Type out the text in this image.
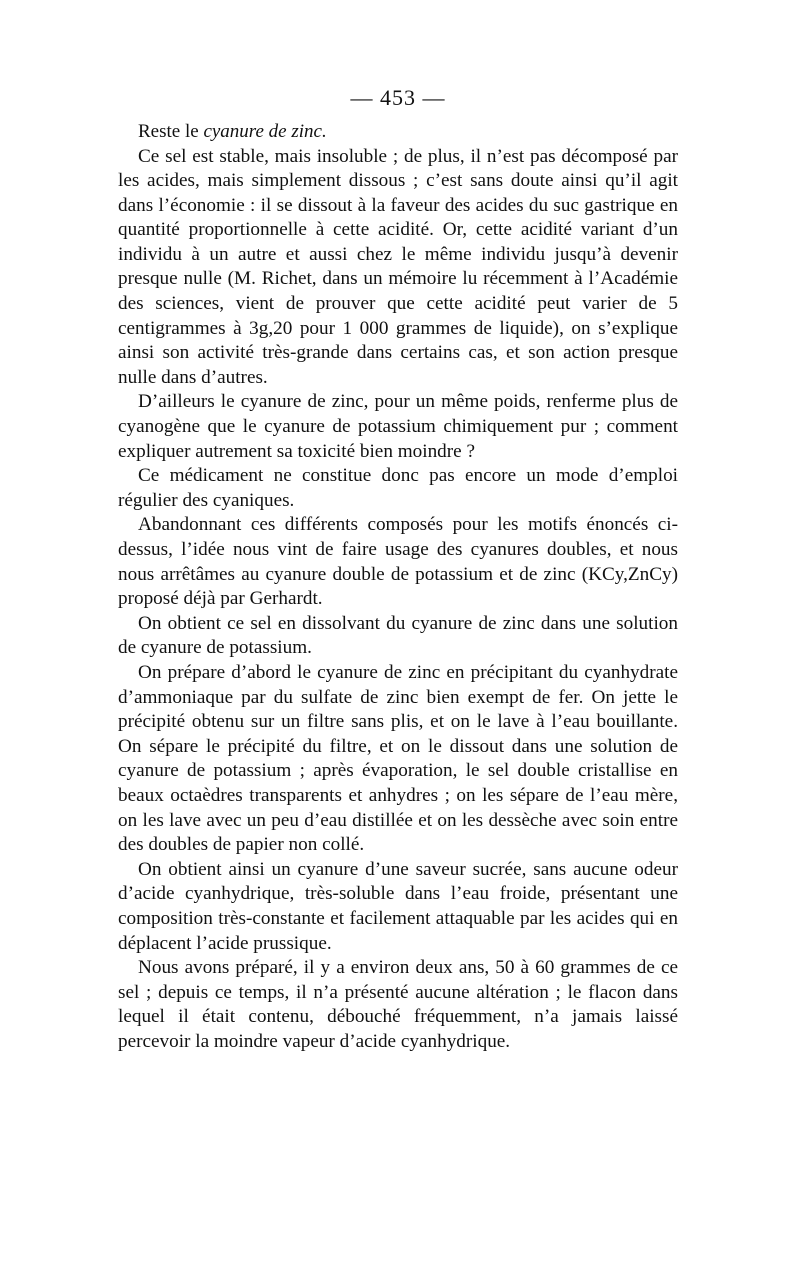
— 453 —

Reste le cyanure de zinc.

Ce sel est stable, mais insoluble ; de plus, il n’est pas décomposé par les acides, mais simplement dissous ; c’est sans doute ainsi qu’il agit dans l’économie : il se dissout à la faveur des acides du suc gastrique en quantité proportionnelle à cette acidité. Or, cette acidité variant d’un individu à un autre et aussi chez le même individu jusqu’à devenir presque nulle (M. Richet, dans un mémoire lu récemment à l’Académie des sciences, vient de prouver que cette acidité peut varier de 5 centigrammes à 3g,20 pour 1 000 grammes de liquide), on s’explique ainsi son activité très-grande dans certains cas, et son action presque nulle dans d’autres.

D’ailleurs le cyanure de zinc, pour un même poids, renferme plus de cyanogène que le cyanure de potassium chimiquement pur ; comment expliquer autrement sa toxicité bien moindre ?

Ce médicament ne constitue donc pas encore un mode d’emploi régulier des cyaniques.

Abandonnant ces différents composés pour les motifs énoncés ci-dessus, l’idée nous vint de faire usage des cyanures doubles, et nous nous arrêtâmes au cyanure double de potassium et de zinc (KCy,ZnCy) proposé déjà par Gerhardt.

On obtient ce sel en dissolvant du cyanure de zinc dans une solution de cyanure de potassium.

On prépare d’abord le cyanure de zinc en précipitant du cyanhydrate d’ammoniaque par du sulfate de zinc bien exempt de fer. On jette le précipité obtenu sur un filtre sans plis, et on le lave à l’eau bouillante. On sépare le précipité du filtre, et on le dissout dans une solution de cyanure de potassium ; après évaporation, le sel double cristallise en beaux octaèdres transparents et anhydres ; on les sépare de l’eau mère, on les lave avec un peu d’eau distillée et on les dessèche avec soin entre des doubles de papier non collé.

On obtient ainsi un cyanure d’une saveur sucrée, sans aucune odeur d’acide cyanhydrique, très-soluble dans l’eau froide, présentant une composition très-constante et facilement attaquable par les acides qui en déplacent l’acide prussique.

Nous avons préparé, il y a environ deux ans, 50 à 60 grammes de ce sel ; depuis ce temps, il n’a présenté aucune altération ; le flacon dans lequel il était contenu, débouché fréquemment, n’a jamais laissé percevoir la moindre vapeur d’acide cyanhydrique.
